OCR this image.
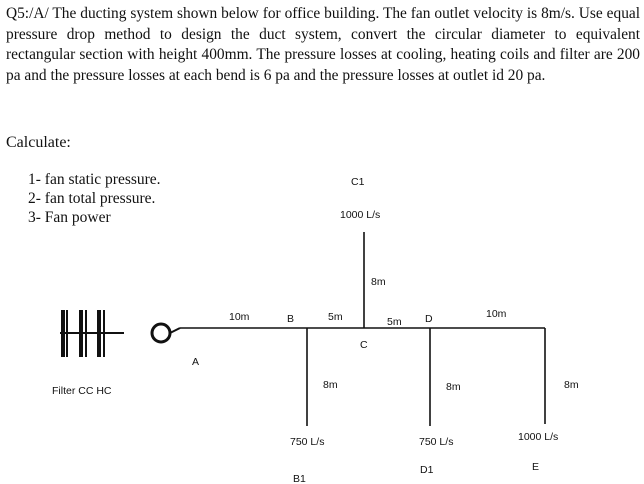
Q5:/A/ The ducting system shown below for office building. The fan outlet velocity is 8m/s. Use equal pressure drop method to design the duct system, convert the circular diameter to equivalent rectangular section with height 400mm. The pressure losses at cooling, heating coils and filter are 200 pa and the pressure losses at each bend is 6 pa and the pressure losses at outlet id 20 pa.

Calculate:
1- fan static pressure.
2- fan total pressure.
3- Fan power
Filter CC HC
A
B
C
D
10m	5m	5m
10m
8m
8m	8m	8m
C1
1000 L/s
750 L/s
B1
750 L/s
D1
1000 L/s
E
